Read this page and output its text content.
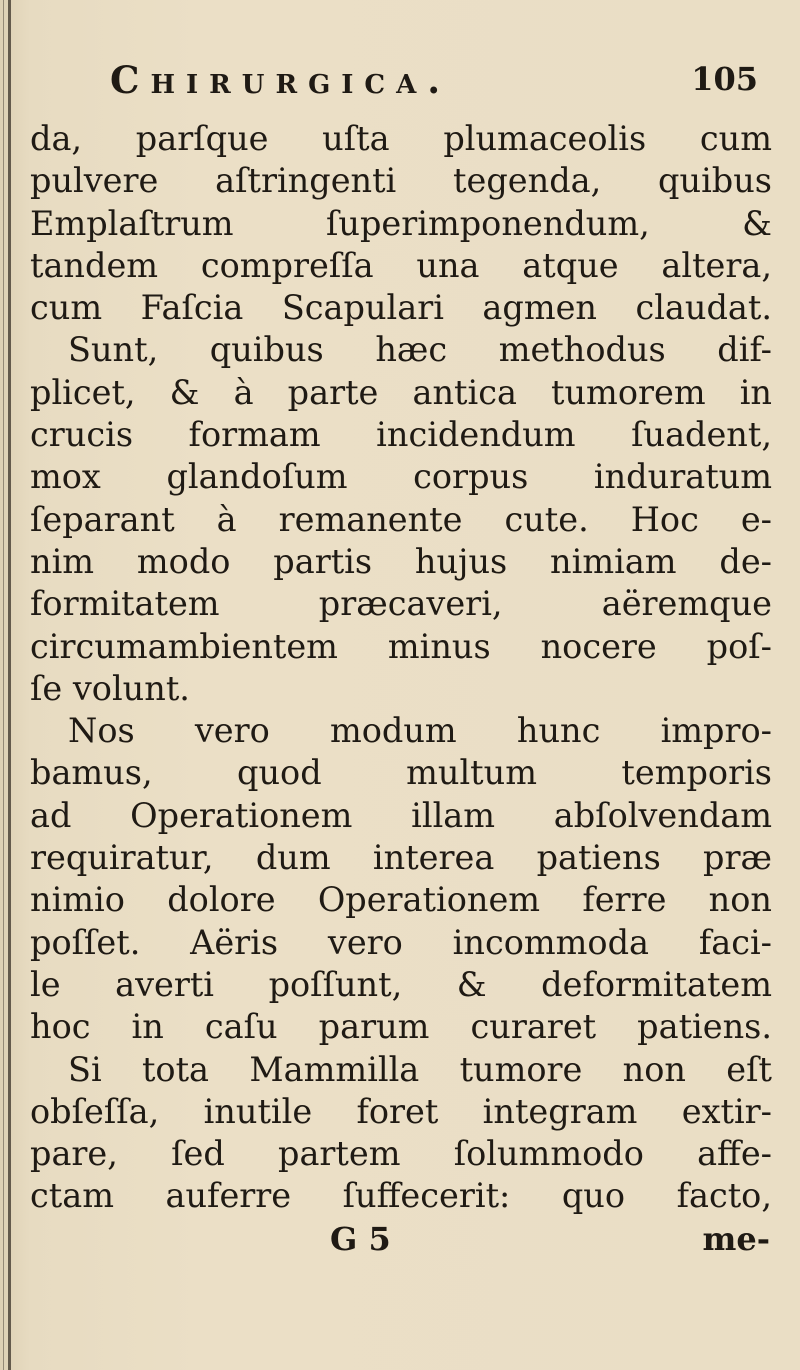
Chirurgica.	105
da, parſque uſta plumaceolis cum
pulvere aſtringenti tegenda, quibus
Emplaſtrum ſuperimponendum, &
tandem compreſſa una atque altera,
cum Faſcia Scapulari agmen claudat.
Sunt, quibus hæc methodus dif-
plicet, & à parte antica tumorem in
crucis formam incidendum ſuadent,
mox glandoſum corpus induratum
ſeparant à remanente cute. Hoc e-
nim modo partis hujus nimiam de-
formitatem præcaveri, aëremque
circumambientem minus nocere poſ-
ſe volunt.
Nos vero modum hunc impro-
bamus, quod multum temporis
ad Operationem illam abſolvendam
requiratur, dum interea patiens præ
nimio dolore Operationem ferre non
poſſet. Aëris vero incommoda faci-
le averti poſſunt, & deformitatem
hoc in caſu parum curaret patiens.
Si tota Mammilla tumore non eſt
obſeſſa, inutile foret integram extir-
pare, ſed partem ſolummodo affe-
ctam auferre ſuffecerit: quo facto,
G 5	me-
